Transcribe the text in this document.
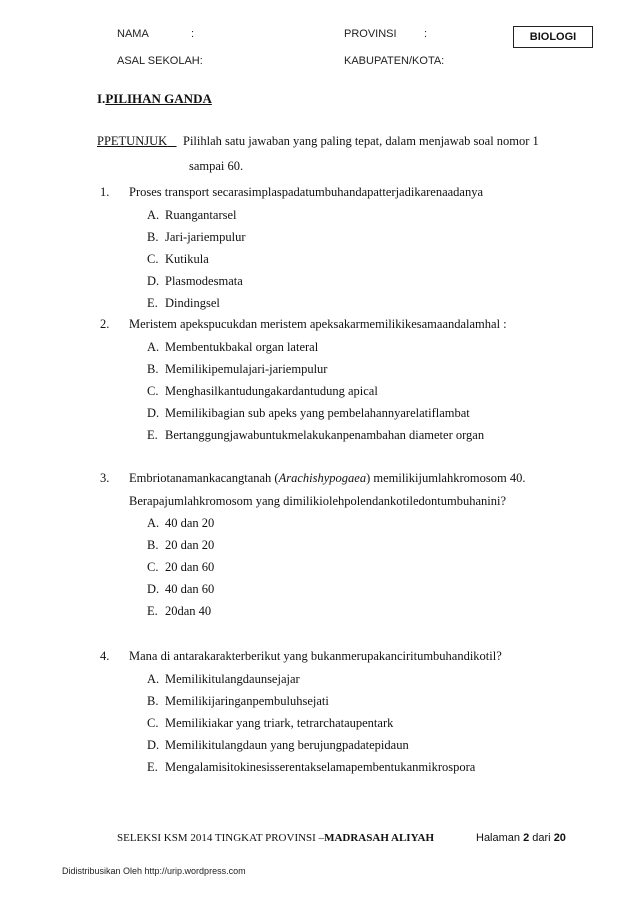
NAMA	:	PROVINSI :
ASAL SEKOLAH:	KABUPATEN/KOTA:
BIOLOGI
I.PILIHAN GANDA
PPETUNJUK	Pilihlah satu jawaban yang paling tepat, dalam menjawab soal nomor 1
sampai 60.
1. Proses transport secarasimplaspadatumbuhandapatterjadikarenaadanya
A. Ruangantarsel
B. Jari-jariempulur
C. Kutikula
D. Plasmodesmata
E. Dindingsel
2. Meristem apekspucukdan meristem apeksakarmemilikikesamaandalamhal :
A. Membentukbakal organ lateral
B. Memilikipemulajari-jariempulur
C. Menghasilkantudungakardantudung apical
D. Memilikibagian sub apeks yang pembelahannyarelatiflambat
E. Bertanggungjawabuntukmelakukanpenambahan diameter organ
3. Embriotanamankacangtanah (Arachishypogaea) memilikijumlahkromosom 40.
Berapajumlahkromosom yang dimilikiolehpolendankotiledontumbuhanini?
A. 40 dan 20
B. 20 dan 20
C. 20 dan 60
D. 40 dan 60
E. 20dan 40
4. Mana di antarakarakterberikut yang bukanmerupakanciritumbuhandikotil?
A. Memilikitulangdaunsejajar
B. Memilikijaringanpembuluhsejati
C. Memilikiakar yang triark, tetrarchataupentark
D. Memilikitulangdaun yang berujungpadatepidaun
E. Mengalamisitokinesisserentakselamapembentukanmikrospora
SELEKSI KSM 2014 TINGKAT PROVINSI –MADRASAH ALIYAH	Halaman 2 dari 20
Didistribusikan Oleh http://urip.wordpress.com
